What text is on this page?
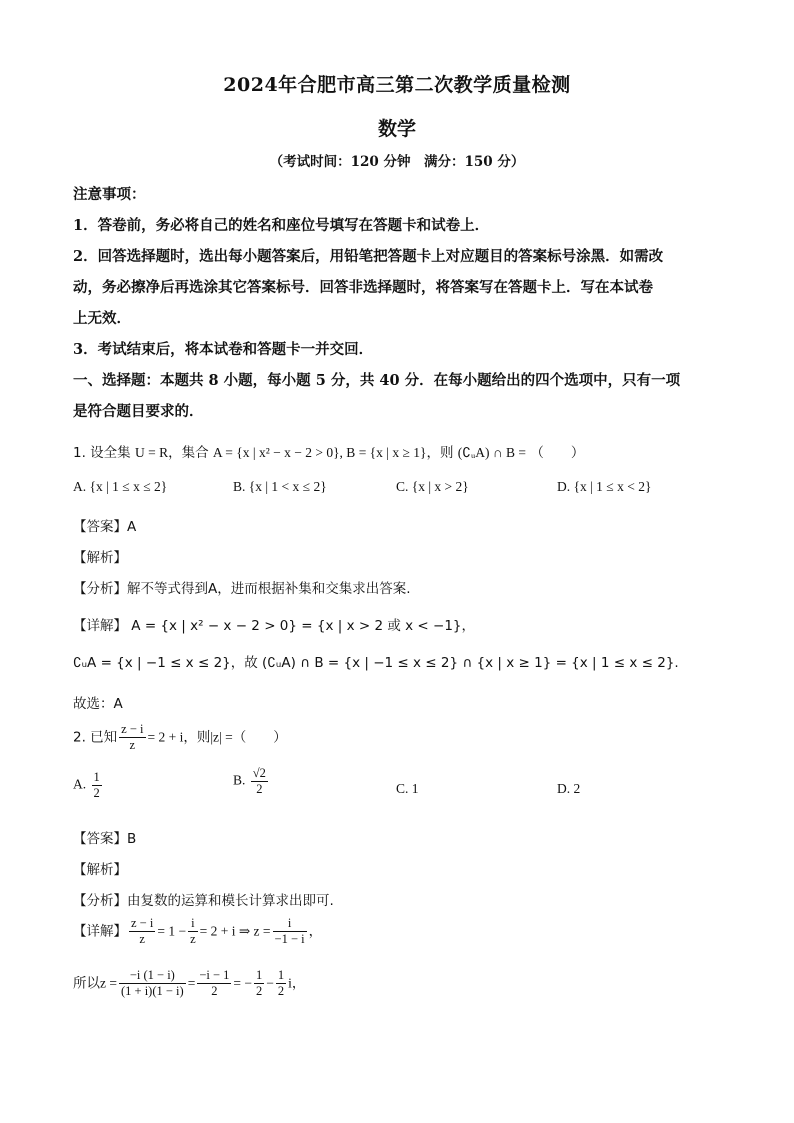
2024年合肥市高三第二次教学质量检测
数学
（考试时间：120 分钟　满分：150 分）
注意事项：
1．答卷前，务必将自己的姓名和座位号填写在答题卡和试卷上．
2．回答选择题时，选出每小题答案后，用铅笔把答题卡上对应题目的答案标号涂黑．如需改
动，务必擦净后再选涂其它答案标号．回答非选择题时，将答案写在答题卡上．写在本试卷
上无效．
3．考试结束后，将本试卷和答题卡一并交回．
一、选择题：本题共 8 小题，每小题 5 分，共 40 分．在每小题给出的四个选项中，只有一项
是符合题目要求的．
1. 设全集 U = R，集合 A = {x | x² − x − 2 > 0}, B = {x | x ≥ 1}，则 (∁ᵤA) ∩ B = （　　）
A. {x | 1 ≤ x ≤ 2}	B. {x | 1 < x ≤ 2}	C. {x | x > 2}	D. {x | 1 ≤ x < 2}
【答案】A
【解析】
【分析】解不等式得到A，进而根据补集和交集求出答案.
【详解】 A = {x | x² − x − 2 > 0} = {x | x > 2 或 x < −1}，
∁ᵤA = {x | −1 ≤ x ≤ 2}，故 (∁ᵤA) ∩ B = {x | −1 ≤ x ≤ 2} ∩ {x | x ≥ 1} = {x | 1 ≤ x ≤ 2}.
故选：A
2. 已知 $\frac{z - i}{z} = 2 + i$，则|z| =（　　）
A. $\frac{1}{2}$	B. $\frac{√2}{2}$	C. 1	D. 2
【答案】B
【解析】
【分析】由复数的运算和模长计算求出即可.
【详解】 $\frac{z - i}{z} = 1 - \frac{i}{z} = 2 + i$ ⇒ $z = \frac{i}{-1 - i}$ ，
所以$z = \frac{-i (1 - i)}{(1 + i)(1 - i)} = \frac{-i - 1}{2}$ = − $\frac{1}{2} - \frac{1}{2}$ i，
